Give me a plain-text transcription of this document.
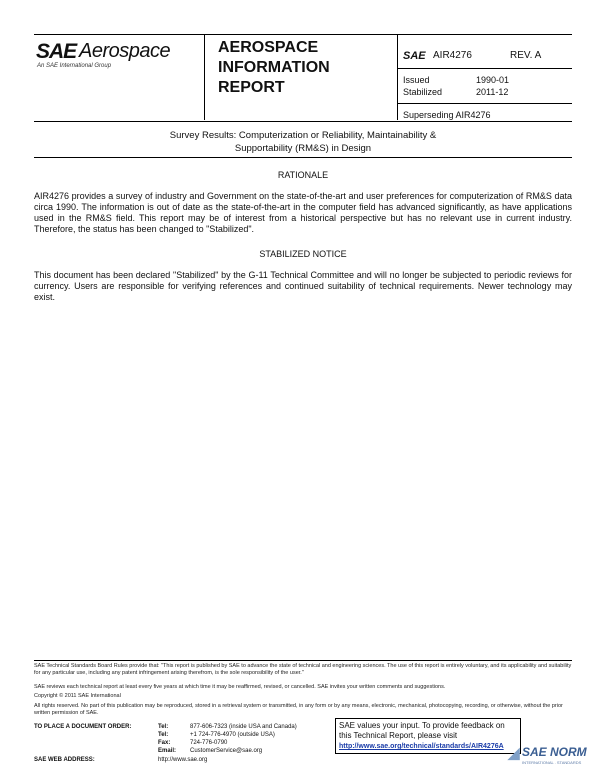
SAE Aerospace
An SAE International Group
AEROSPACE
INFORMATION
REPORT
SAE AIR4276	REV. A
Issued	1990-01
Stabilized	2011-12
Superseding AIR4276
Survey Results: Computerization or Reliability, Maintainability &
Supportability (RM&S) in Design
RATIONALE
AIR4276 provides a survey of industry and Government on the state-of-the-art and user preferences for computerization of RM&S data circa 1990. The information is out of date as the state-of-the-art in the computer field has advanced significantly, as have applications used in the RM&S field. This report may be of interest from a historical perspective but has no relevant use in current industry. Therefore, the status has been changed to "Stabilized".
STABILIZED NOTICE
This document has been declared "Stabilized" by the G-11 Technical Committee and will no longer be subjected to periodic reviews for currency. Users are responsible for verifying references and continued suitability of technical requirements. Newer technology may exist.
SAE Technical Standards Board Rules provide that: "This report is published by SAE to advance the state of technical and engineering sciences. The use of this report is entirely voluntary, and its applicability and suitability for any particular use, including any patent infringement arising therefrom, is the sole responsibility of the user."
SAE reviews each technical report at least every five years at which time it may be reaffirmed, revised, or cancelled. SAE invites your written comments and suggestions.
Copyright © 2011 SAE International
All rights reserved. No part of this publication may be reproduced, stored in a retrieval system or transmitted, in any form or by any means, electronic, mechanical, photocopying, recording, or otherwise, without the prior written permission of SAE.
TO PLACE A DOCUMENT ORDER:	Tel:	877-606-7323 (inside USA and Canada)
Tel:	+1 724-776-4970 (outside USA)
Fax:	724-776-0790
Email: CustomerService@sae.org
SAE WEB ADDRESS:	http://www.sae.org
SAE values your input. To provide feedback on this Technical Report, please visit
http://www.sae.org/technical/standards/AIR4276A ◢ SAE NORM
INTERNATIONAL . STANDARDS
